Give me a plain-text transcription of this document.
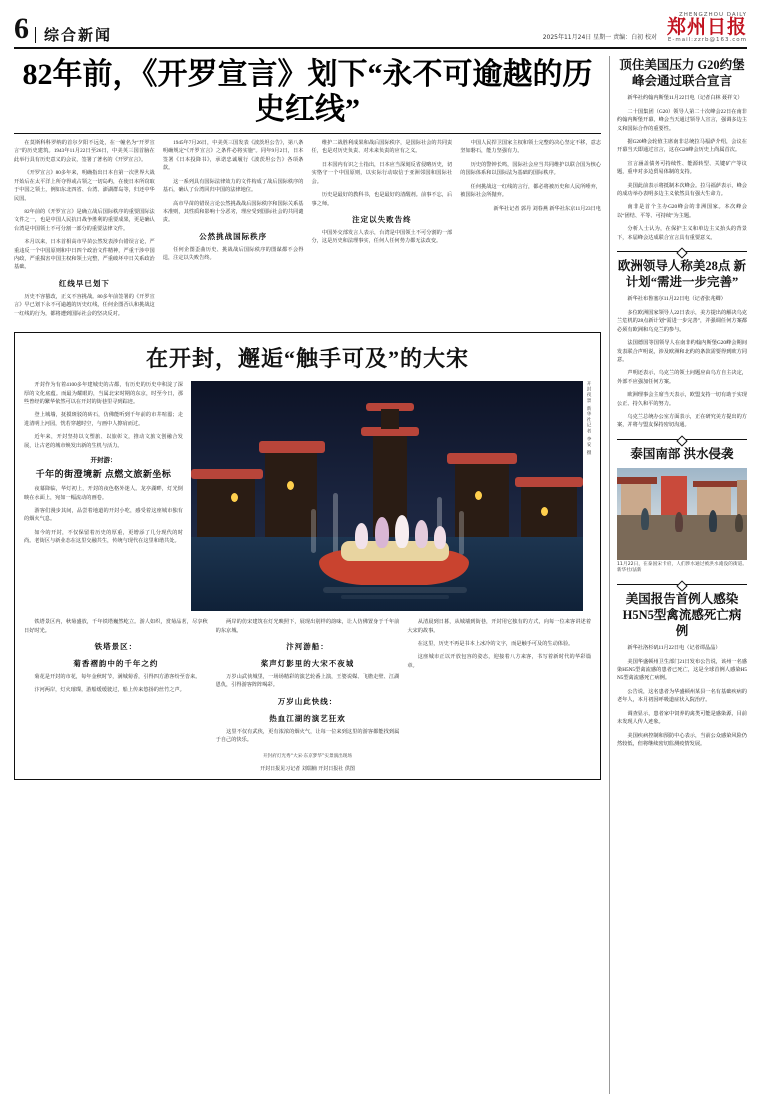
6	综合新闻	2025年11月24日 星期一 责编：白初 校对
ZHENGZHOU DAILY
郑州日报
E-mail:zzrb@163.com
82年前，《开罗宣言》划下“永不可逾越的历史红线”

在莫斯科科罗纳的首尔夕阳不远处，在一幢名为“开罗宣言”的历史建筑。1943年11月22日至26日，中美英三国首脑在此举行具有历史意义的会议，签署了著名的《开罗宣言》。

《开罗宣言》80多年来，明确指出日本自第一次世界大战开始后在太平洋上所夺得或占领之一切岛屿，在使日本所窃取于中国之领土，例如东北四省、台湾、澎湖群岛等，归还中华民国。

82年前的《开罗宣言》是确立战后国际秩序的重要国际法文件之一，也是中国人民抗日战争胜利的重要成果，更是确认台湾是中国领土不可分割一部分的重要法律文件。

本月以来，日本首相高市早苗公然发表涉台错误言论，严重违反一个中国原则和中日四个政治文件精神，严重干涉中国内政，严重损害中国主权和领土完整，严重破坏中日关系政治基础。

红线早已划下

历史不容篡改，正义不容挑战。80多年前签署的《开罗宣言》早已划下永不可逾越的历史红线，任何企图否认和挑战这一红线的行为，都将遭到国际社会的坚决反对。

1945年7月26日，中美英三国发表《波茨坦公告》，第八条明确规定“《开罗宣言》之条件必将实施”。同年9月2日，日本签署《日本投降书》，承诺忠诚履行《波茨坦公告》各项条款。

这一系列具有国际法律效力的文件构成了战后国际秩序的基石，确认了台湾回归中国的法律地位。

高市早苗的错误言论公然挑战战后国际秩序和国际关系基本准则，其性质和影响十分恶劣，理应受到国际社会的共同谴责。

公然挑战国际秩序

任何企图歪曲历史、挑战战后国际秩序的图谋都不会得逞，注定以失败告终。

维护二战胜利成果和战后国际秩序，是国际社会的共同责任，也是对历史负责、对未来负责的应有之义。

日本国内有识之士指出，日本应当深刻反省侵略历史，切实恪守一个中国原则，以实际行动取信于亚洲邻国和国际社会。

历史是最好的教科书，也是最好的清醒剂。前事不忘，后事之师。

注定以失败告终

中国外交部发言人表示，台湾是中国领土不可分割的一部分，这是历史和法理事实，任何人任何势力都无法改变。

中国人民捍卫国家主权和领土完整的决心坚定不移，意志坚如磐石，能力坚强有力。

历史的警钟长鸣，国际社会应当共同维护以联合国为核心的国际体系和以国际法为基础的国际秩序。

任何挑战这一红线的言行，都必将被历史和人民所唾弃，被国际社会所抛弃。

新华社记者 郭丹 刘春燕 新华社东京11月23日电
在开封，邂逅“触手可及”的大宋

开封作为有着4100多年建城史的古都，有历史的历史中积淀了深厚的文化底蕴。而最为耀眼的，当属北宋时期的东京，时至今日，那些曾经的繁华依然可以在开封的街巷里寻到踪迹。

登上城墙，抚摸斑驳的砖石，仿佛能听到千年前的市井喧嚣；走进清明上河园，恍若穿越时空，与画中人擦肩而过。

近年来，开封坚持以文塑旅、以旅彰文，推动文旅文创融合发展，让古老的城市焕发出新的生机与活力。

开封游：
千年的街澄境新 点燃文旅新坐标

夜幕降临，华灯初上，开封的夜色格外迷人。龙亭湖畔，灯光倒映在水面上，宛如一幅流动的画卷。

游客们漫步其间，品尝着地道的开封小吃，感受着这座城市独有的烟火气息。

如今的开封，不仅保留着历史的厚重，更增添了几分现代的时尚。老街区与新业态在这里交融共生，传统与现代在这里和谐共处。

开封夜景 新华社记者 李安 摄

铁塔景区内，秋菊盛放，千年铁塔巍然屹立。游人如织，赏菊品茗，尽享秋日好时光。

铁塔景区：
菊香褶韵中的千年之约

菊花是开封的市花，每年金秋时节，满城菊香，引得四方游客纷至沓来。

汴河两岸，灯火璀璨，游船缓缓驶过，船上传来悠扬的丝竹之声。

两岸的仿宋建筑在灯光映照下，展现出别样的韵味，让人仿佛置身于千年前的东京城。

汴河游船：
桨声灯影里的大宋不夜城

万岁山武侠城里，一场场精彩的演艺轮番上演，王婆说媒、飞檐走壁、江湖恩仇，引得游客阵阵喝彩。

万岁山此快线：
热血江湖的演艺狂欢

这里不仅有武侠，更有浓浓的烟火气，让每一位来到这里的游客都能找到属于自己的快乐。

从清晨到日暮，从城墙到街巷，开封用它独有的方式，向每一位来客讲述着大宋的故事。

在这里，历史不再是书本上冰冷的文字，而是触手可及的生动体验。

这座城市正以开放包容的姿态，迎接着八方来客，书写着新时代的华彩篇章。

开封府灯光秀“大宋·东京梦华”实景演出现场
开封日报见习记者 刘瑞楠 开封日报社 供图
顶住美国压力 G20约堡峰会通过联合宣言

新华社约翰内斯堡11月22日电（记者白林 聂祥文）

二十国集团（G20）领导人第二十次峰会22日在南非约翰内斯堡开幕，峰会当天通过领导人宣言，强调多边主义和国际合作的重要性。

据G20峰会轮值主席南非总统拉马福萨介绍，会议在开幕当天即通过宣言，这在G20峰会历史上尚属首次。

宣言涵盖债务可持续性、能源转型、关键矿产等议题，重申对多边贸易体制的支持。

美国此前表示将抵制本次峰会。拉马福萨表示，峰会的成功举办表明多边主义依然具有强大生命力。

南非是首个主办G20峰会的非洲国家。本次峰会以“团结、平等、可持续”为主题。

分析人士认为，在保护主义和单边主义抬头的背景下，本届峰会达成联合宣言具有重要意义。

欧洲领导人称美28点 新计划“需进一步完善”

新华社布鲁塞尔11月22日电（记者张兆卿）

多位欧洲国家领导人22日表示，美方提出的解决乌克兰危机的28点新计划“需进一步完善”，并强调任何方案都必须有欧洲和乌克兰的参与。

法国德国等国领导人在南非约翰内斯堡G20峰会期间发表联合声明说，涉及欧洲和北约的条款需要得到欧方同意。

声明还表示，乌克兰的领土问题应由乌方自主决定，外部不应强加任何方案。

欧洲理事会主席当天表示，欧盟支持一切有助于实现公正、持久和平的努力。

乌克兰总统办公室方面表示，正在研究美方提出的方案，并将与盟友保持密切沟通。

泰国南部 洪水侵袭
11月22日，在泰国宋卡府，人们涉水通过被洪水淹没的街道。 新华社/法新
美国报告首例人感染 H5N5型禽流感死亡病例

新华社洛杉矶11月22日电（记者谭晶晶）

美国华盛顿州卫生部门21日发布公告说，该州一名感染H5N5型禽流感的患者已死亡，这是全球首例人感染H5N5型禽流感死亡病例。

公告说，这名患者为华盛顿州某县一名有基础疾病的老年人，本月初因呼吸道症状入院治疗。

调查显示，患者家中饲养的禽类可能是感染源，目前未发现人传人迹象。

美国疾病控制和预防中心表示，当前公众感染风险仍然较低，但将继续密切监测疫情发展。
